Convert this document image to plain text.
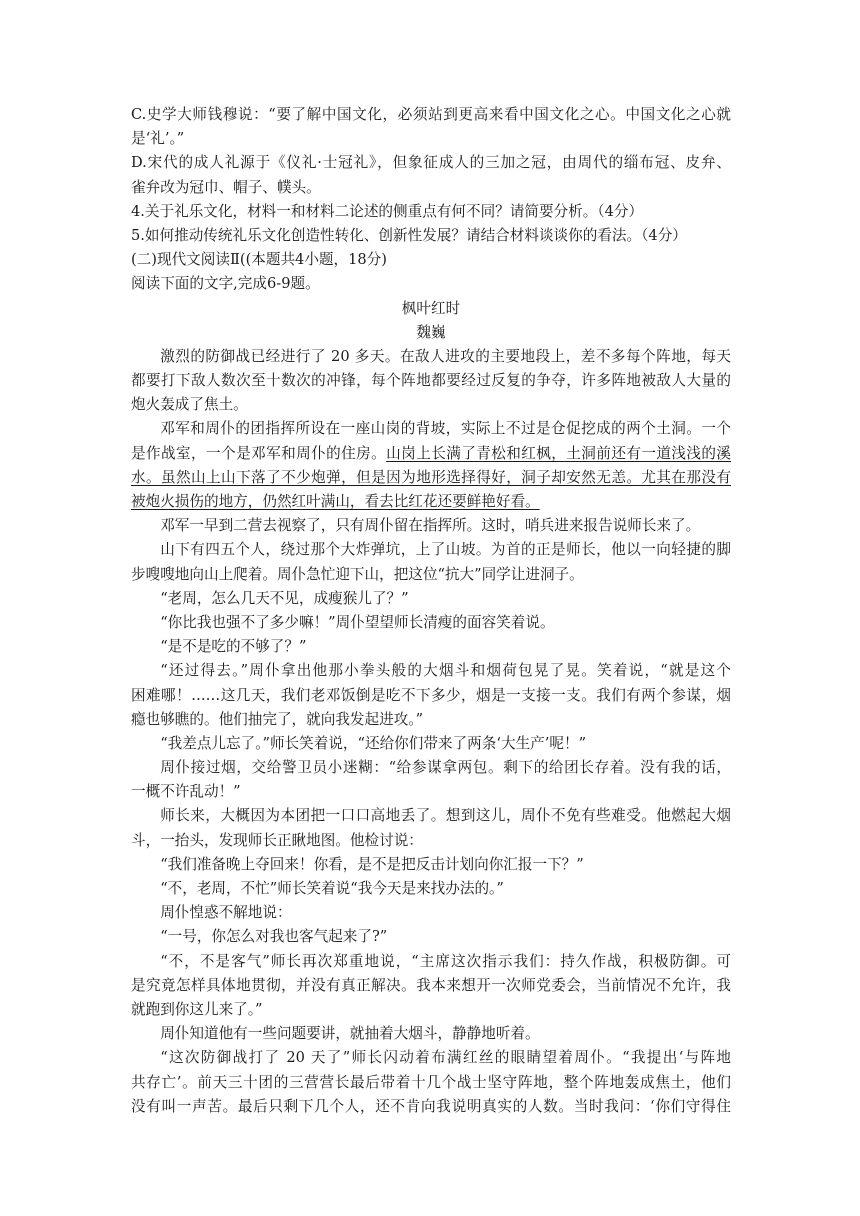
C.史学大师钱穆说：“要了解中国文化，必须站到更高来看中国文化之心。中国文化之心就
是‘礼’。”
D.宋代的成人礼源于《仪礼·士冠礼》，但象征成人的三加之冠，由周代的缁布冠、皮弁、
雀弁改为冠巾、帽子、幞头。
4.关于礼乐文化，材料一和材料二论述的侧重点有何不同？请简要分析。（4分）
5.如何推动传统礼乐文化创造性转化、创新性发展？请结合材料谈谈你的看法。（4分）
(二)现代文阅读Ⅱ((本题共4小题，18分)
阅读下面的文字,完成6-9题。
枫叶红时
魏巍
激烈的防御战已经进行了 20 多天。在敌人进攻的主要地段上，差不多每个阵地，每天
都要打下敌人数次至十数次的冲锋，每个阵地都要经过反复的争夺，许多阵地被敌人大量的
炮火轰成了焦土。
邓军和周仆的团指挥所设在一座山岗的背坡，实际上不过是仓促挖成的两个土洞。一个
是作战室，一个是邓军和周仆的住房。山岗上长满了青松和红枫，土洞前还有一道浅浅的溪
水。虽然山上山下落了不少炮弹，但是因为地形选择得好，洞子却安然无恙。尤其在那没有
被炮火损伤的地方，仍然红叶满山，看去比红花还要鲜艳好看。
邓军一早到二营去视察了，只有周仆留在指挥所。这时，哨兵进来报告说师长来了。
山下有四五个人，绕过那个大炸弹坑，上了山坡。为首的正是师长，他以一向轻捷的脚
步嗖嗖地向山上爬着。周仆急忙迎下山，把这位“抗大”同学让进洞子。
“老周，怎么几天不见，成瘦猴儿了？”
“你比我也强不了多少嘛！”周仆望望师长清瘦的面容笑着说。
“是不是吃的不够了？”
“还过得去。”周仆拿出他那小拳头般的大烟斗和烟荷包晃了晃。笑着说，“就是这个
困难哪！……这几天，我们老邓饭倒是吃不下多少，烟是一支接一支。我们有两个参谋，烟
瘾也够瞧的。他们抽完了，就向我发起进攻。”
“我差点儿忘了。”师长笑着说，“还给你们带来了两条‘大生产’呢！”
周仆接过烟，交给警卫员小迷糊：“给参谋拿两包。剩下的给团长存着。没有我的话，
一概不许乱动！”
师长来，大概因为本团把一口口高地丢了。想到这儿，周仆不免有些难受。他燃起大烟
斗，一抬头，发现师长正瞅地图。他检讨说：
“我们准备晚上夺回来！你看，是不是把反击计划向你汇报一下？”
“不，老周，不忙”师长笑着说“我今天是来找办法的。”
周仆惶惑不解地说：
“一号，你怎么对我也客气起来了?”
“不，不是客气”师长再次郑重地说，“主席这次指示我们：持久作战，积极防御。可
是究竟怎样具体地贯彻，并没有真正解决。我本来想开一次师党委会，当前情况不允许，我
就跑到你这儿来了。”
周仆知道他有一些问题要讲，就抽着大烟斗，静静地听着。
“这次防御战打了 20 天了”师长闪动着布满红丝的眼睛望着周仆。“我提出‘与阵地
共存亡’。前天三十团的三营营长最后带着十几个战士坚守阵地，整个阵地轰成焦土，他们
没有叫一声苦。最后只剩下几个人，还不肯向我说明真实的人数。当时我问：‘你们守得住
